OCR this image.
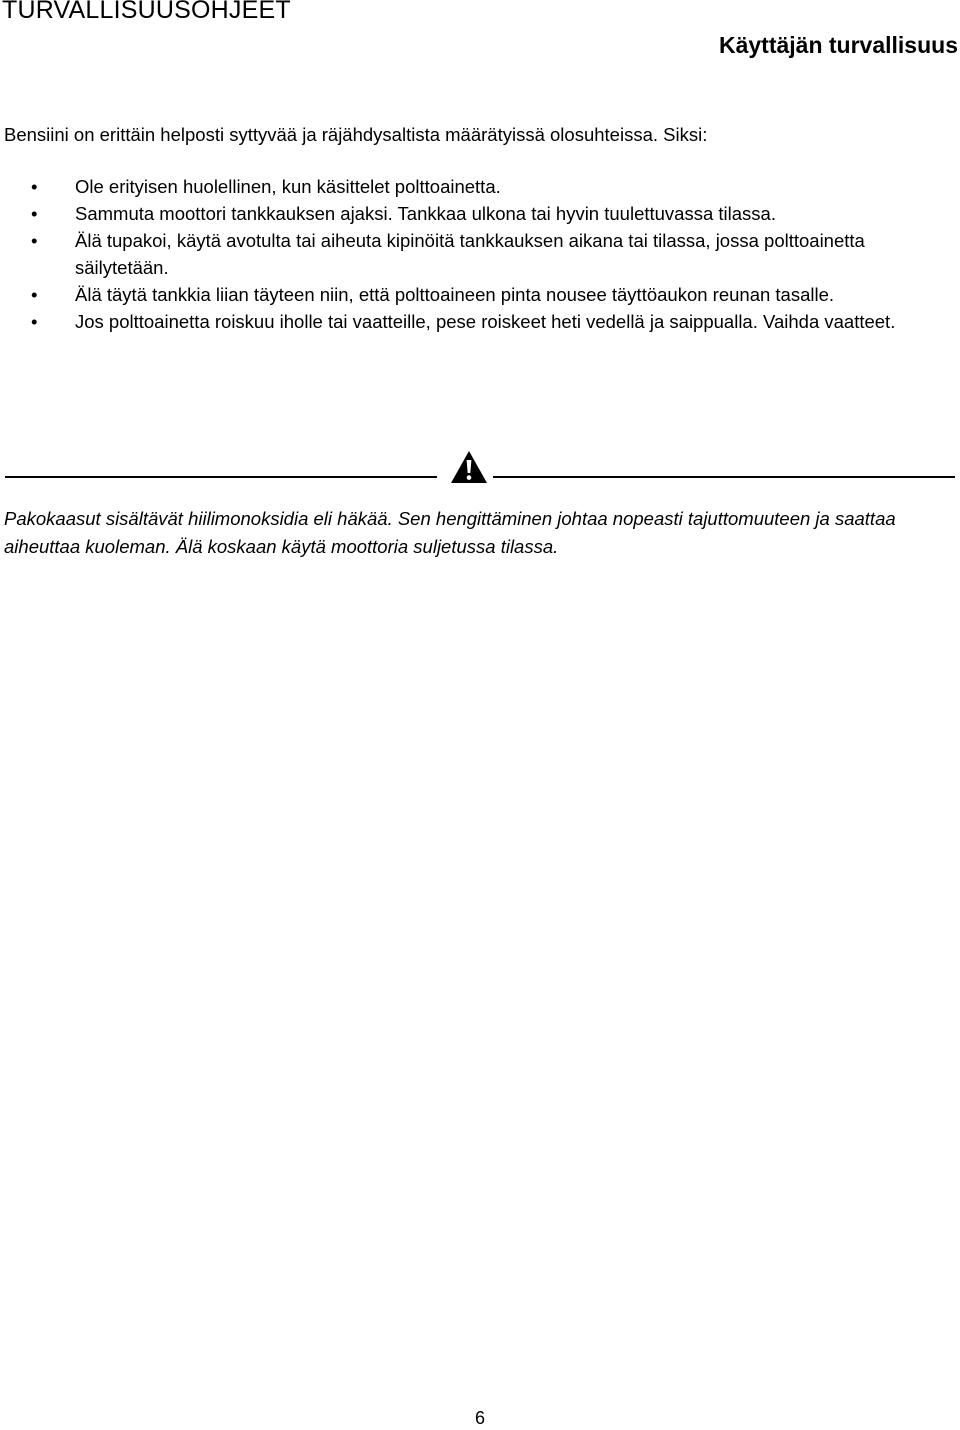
TURVALLISUUSOHJEET
Käyttäjän turvallisuus

Bensiini on erittäin helposti syttyvää ja räjähdysaltista määrätyissä olosuhteissa. Siksi:

• Ole erityisen huolellinen, kun käsittelet polttoainetta.
• Sammuta moottori tankkauksen ajaksi. Tankkaa ulkona tai hyvin tuulettuvassa tilassa.
• Älä tupakoi, käytä avotulta tai aiheuta kipinöitä tankkauksen aikana tai tilassa, jossa polttoainetta säilytetään.
• Älä täytä tankkia liian täyteen niin, että polttoaineen pinta nousee täyttöaukon reunan tasalle.
• Jos polttoainetta roiskuu iholle tai vaatteille, pese roiskeet heti vedellä ja saippualla. Vaihda vaatteet.

Pakokaasut sisältävät hiilimonoksidia eli häkää. Sen hengittäminen johtaa nopeasti tajuttomuuteen ja saattaa aiheuttaa kuoleman. Älä koskaan käytä moottoria suljetussa tilassa.

6
